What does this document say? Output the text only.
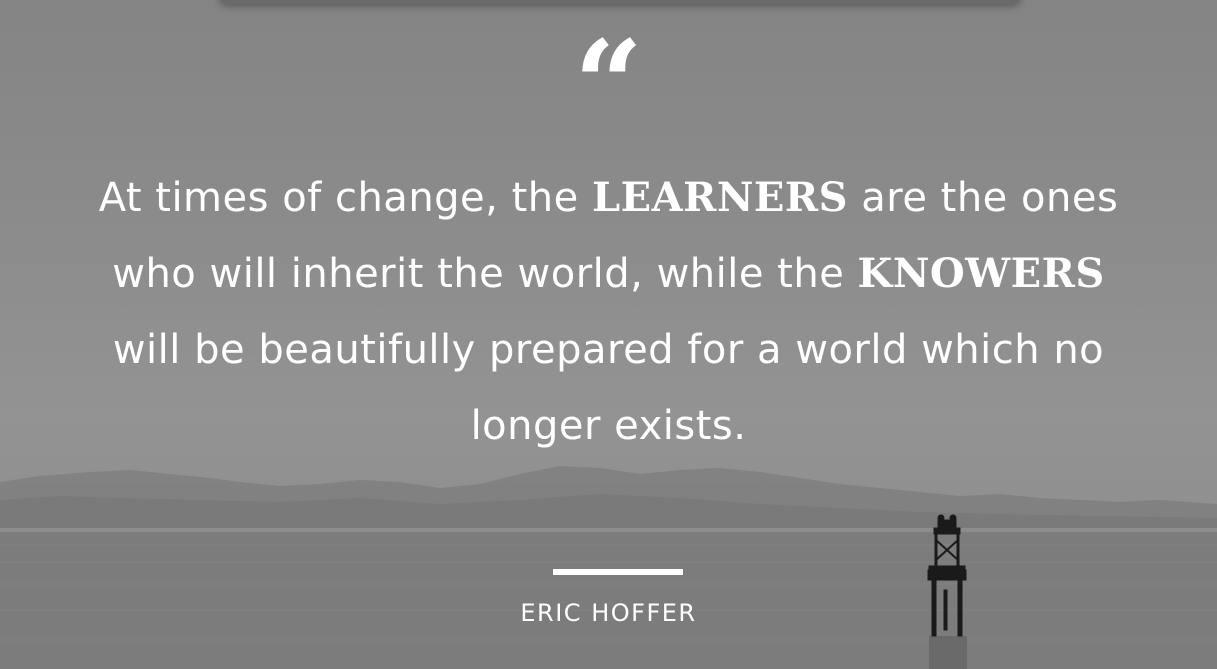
“
At times of change, the LEARNERS are the ones who will inherit the world, while the KNOWERS will be beautifully prepared for a world which no longer exists.
ERIC HOFFER
